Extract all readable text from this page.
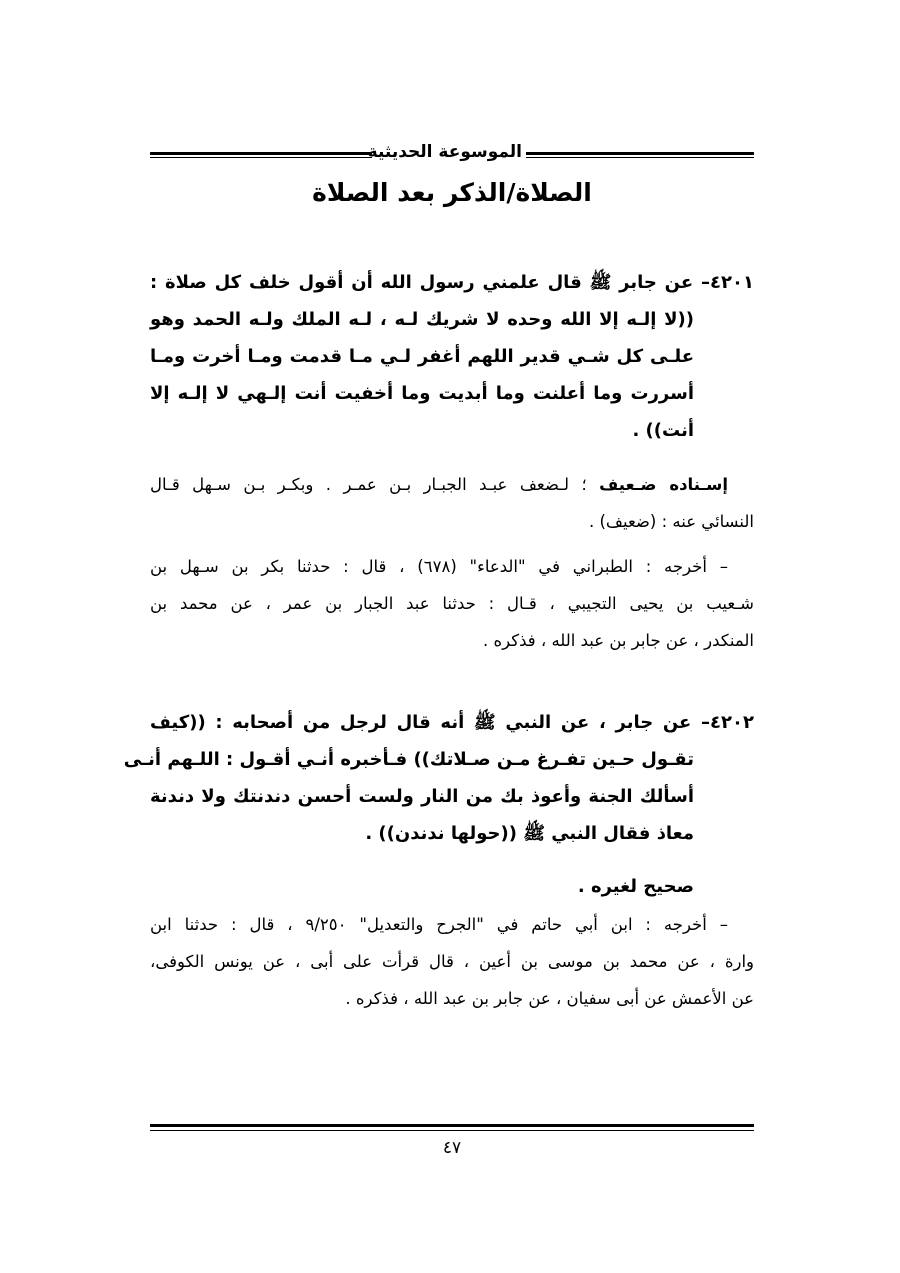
الموسوعة الحديثية
الصلاة/الذكر بعد الصلاة
٤٢٠١– عن جابر ﷺ قال علمني رسول الله أن أقول خلف كل صلاة :
((لا إلـه إلا الله وحده لا شريك لـه ، لـه الملك ولـه الحمد وهو
علـى كل شـي قدير اللهم أغفر لـي مـا قدمت ومـا أخرت ومـا
أسررت وما أعلنت وما أبديت وما أخفيت أنت إلـهي لا إلـه إلا
أنت)) .
إسـناده ضـعيف ؛ لـضعف عبـد الجبـار بـن عمـر . وبكـر بـن سـهل قـال
النسائي عنه : (ضعيف) .
– أخرجه : الطبراني في "الدعاء" (٦٧٨) ، قال : حدثنا بكر بن سـهل بن
شـعيب بن يحيى التجيبي ، قـال : حدثنا عبد الجبار بن عمر ، عن محمد بن
المنكدر ، عن جابر بن عبد الله ، فذكره .
٤٢٠٢– عن جابر ، عن النبي ﷺ أنه قال لرجل من أصحابه : ((كيف
تقـول حـين تفـرغ مـن صـلاتك)) فـأخبره أنـي أقـول : اللـهم أنـى
أسألك الجنة وأعوذ بك من النار ولست أحسن دندنتك ولا دندنة
معاذ فقال النبي ﷺ ((حولها ندندن)) .
صحيح لغيره .
– أخرجه : ابن أبي حاتم في "الجرح والتعديل" ٩/٢٥٠ ، قال : حدثنا ابن
وارة ، عن محمد بن موسى بن أعين ، قال قرأت على أبى ، عن يونس الكوفى،
عن الأعمش عن أبى سفيان ، عن جابر بن عبد الله ، فذكره .
٤٧
